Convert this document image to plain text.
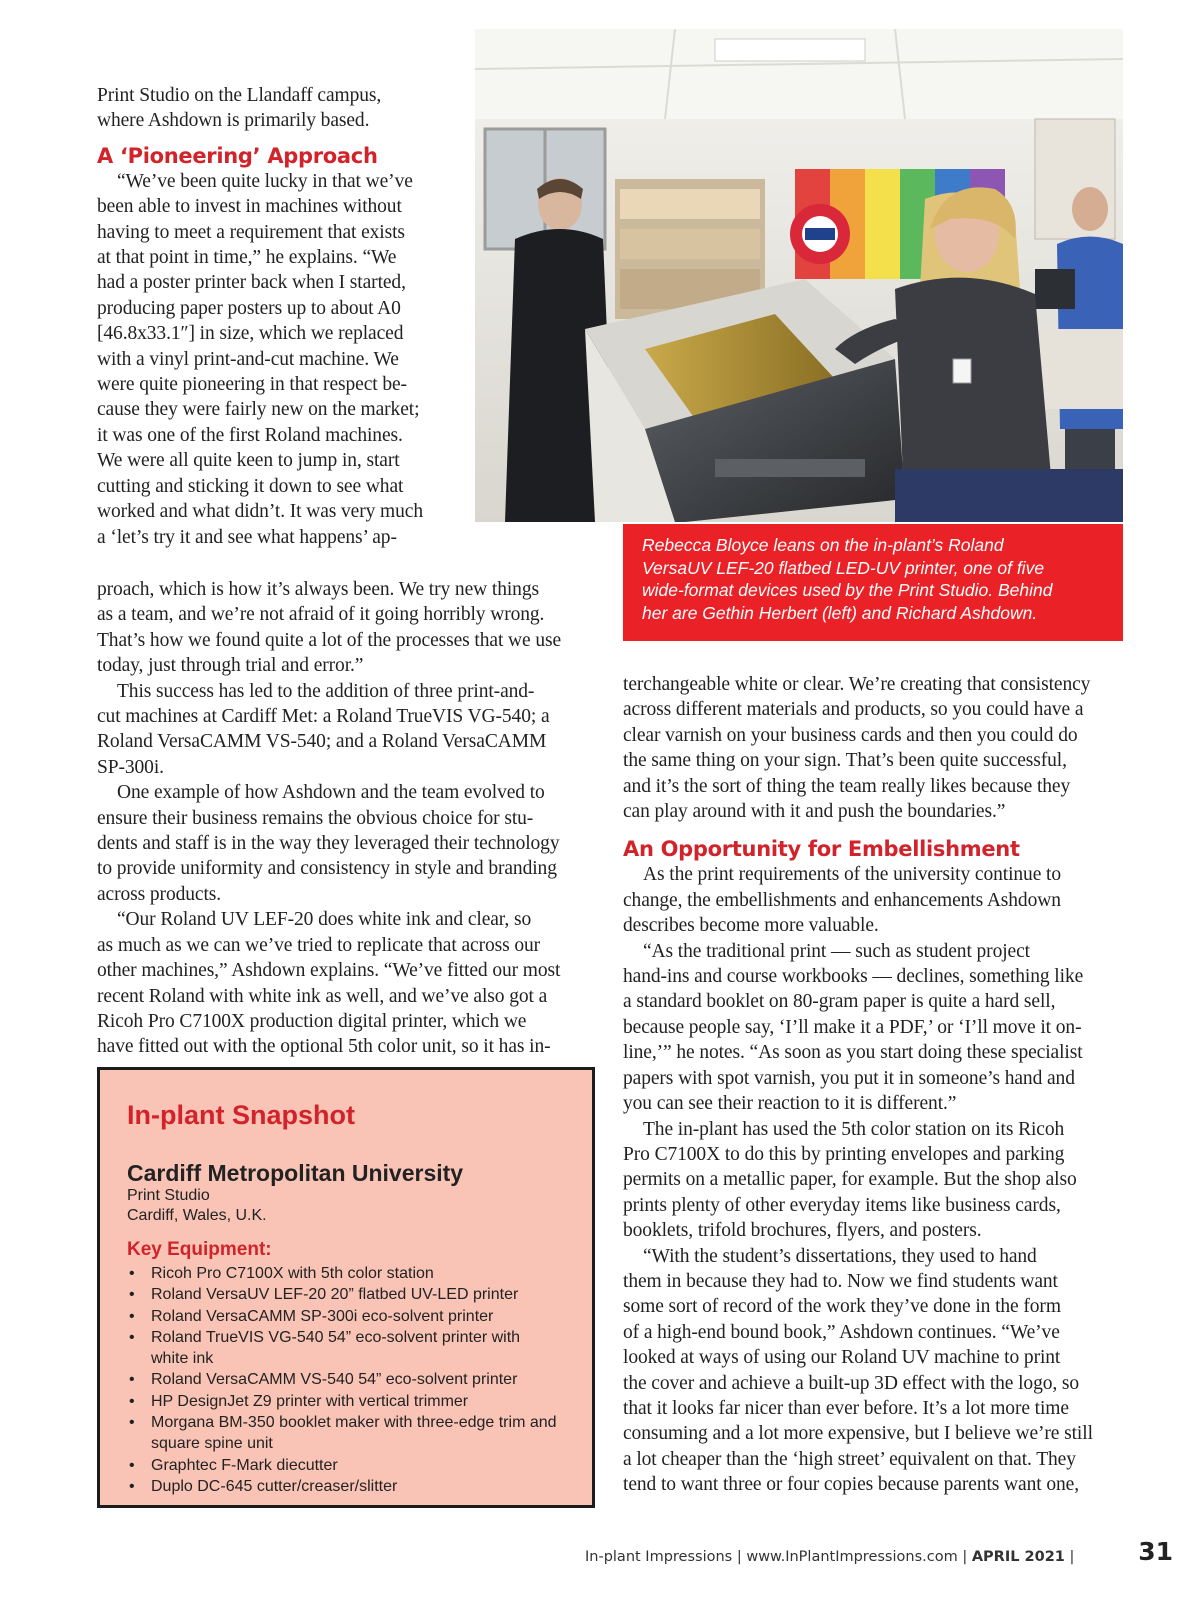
Print Studio on the Llandaff campus,
where Ashdown is primarily based.
A ‘Pioneering’ Approach
“We’ve been quite lucky in that we’ve
been able to invest in machines without
having to meet a requirement that exists
at that point in time,” he explains. “We
had a poster printer back when I started,
producing paper posters up to about A0
[46.8x33.1″] in size, which we replaced
with a vinyl print-and-cut machine. We
were quite pioneering in that respect be-
cause they were fairly new on the market;
it was one of the first Roland machines.
We were all quite keen to jump in, start
cutting and sticking it down to see what
worked and what didn’t. It was very much
a ‘let’s try it and see what happens’ ap-
proach, which is how it’s always been. We try new things
as a team, and we’re not afraid of it going horribly wrong.
That’s how we found quite a lot of the processes that we use
today, just through trial and error.”
This success has led to the addition of three print-and-
cut machines at Cardiff Met: a Roland TrueVIS VG-540; a
Roland VersaCAMM VS-540; and a Roland VersaCAMM
SP-300i.
One example of how Ashdown and the team evolved to
ensure their business remains the obvious choice for stu-
dents and staff is in the way they leveraged their technology
to provide uniformity and consistency in style and branding
across products.
“Our Roland UV LEF-20 does white ink and clear, so
as much as we can we’ve tried to replicate that across our
other machines,” Ashdown explains. “We’ve fitted our most
recent Roland with white ink as well, and we’ve also got a
Ricoh Pro C7100X production digital printer, which we
have fitted out with the optional 5th color unit, so it has in-
Rebecca Bloyce leans on the in-plant’s Roland
VersaUV LEF-20 flatbed LED-UV printer, one of five
wide-format devices used by the Print Studio. Behind
her are Gethin Herbert (left) and Richard Ashdown.
terchangeable white or clear. We’re creating that consistency
across different materials and products, so you could have a
clear varnish on your business cards and then you could do
the same thing on your sign. That’s been quite successful,
and it’s the sort of thing the team really likes because they
can play around with it and push the boundaries.”
An Opportunity for Embellishment
As the print requirements of the university continue to
change, the embellishments and enhancements Ashdown
describes become more valuable.
“As the traditional print — such as student project
hand-ins and course workbooks — declines, something like
a standard booklet on 80-gram paper is quite a hard sell,
because people say, ‘I’ll make it a PDF,’ or ‘I’ll move it on-
line,’” he notes. “As soon as you start doing these specialist
papers with spot varnish, you put it in someone’s hand and
you can see their reaction to it is different.”
The in-plant has used the 5th color station on its Ricoh
Pro C7100X to do this by printing envelopes and parking
permits on a metallic paper, for example. But the shop also
prints plenty of other everyday items like business cards,
booklets, trifold brochures, flyers, and posters.
“With the student’s dissertations, they used to hand
them in because they had to. Now we find students want
some sort of record of the work they’ve done in the form
of a high-end bound book,” Ashdown continues. “We’ve
looked at ways of using our Roland UV machine to print
the cover and achieve a built-up 3D effect with the logo, so
that it looks far nicer than ever before. It’s a lot more time
consuming and a lot more expensive, but I believe we’re still
a lot cheaper than the ‘high street’ equivalent on that. They
tend to want three or four copies because parents want one,
In-plant Snapshot
Cardiff Metropolitan University
Print Studio
Cardiff, Wales, U.K.
Key Equipment:
• Ricoh Pro C7100X with 5th color station
• Roland VersaUV LEF-20 20” flatbed UV-LED printer
• Roland VersaCAMM SP-300i eco-solvent printer
• Roland TrueVIS VG-540 54” eco-solvent printer with
white ink
• Roland VersaCAMM VS-540 54” eco-solvent printer
• HP DesignJet Z9 printer with vertical trimmer
• Morgana BM-350 booklet maker with three-edge trim and
square spine unit
• Graphtec F-Mark diecutter
• Duplo DC-645 cutter/creaser/slitter
In-plant Impressions | www.InPlantImpressions.com | APRIL 2021 |	31
